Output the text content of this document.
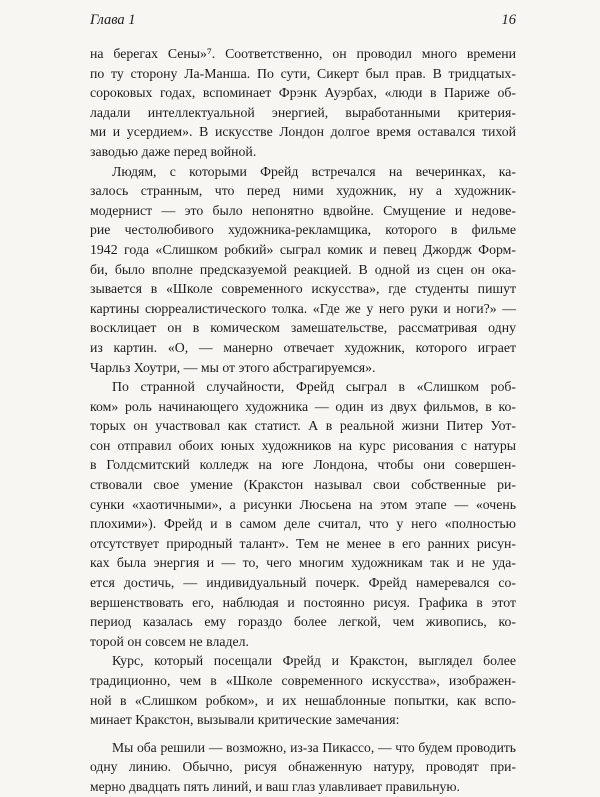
Глава 1	16
на берегах Сены»⁷. Соответственно, он проводил много времени
по ту сторону Ла-Манша. По сути, Сикерт был прав. В тридцатых-
сороковых годах, вспоминает Фрэнк Ауэрбах, «люди в Париже об-
ладали интеллектуальной энергией, выработанными критерия-
ми и усердием». В искусстве Лондон долгое время оставался тихой
заводью даже перед войной.
Людям, с которыми Фрейд встречался на вечеринках, ка-
залось странным, что перед ними художник, ну а художник-
модернист — это было непонятно вдвойне. Смущение и недове-
рие честолюбивого художника-рекламщика, которого в фильме
1942 года «Слишком робкий» сыграл комик и певец Джордж Форм-
би, было вполне предсказуемой реакцией. В одной из сцен он ока-
зывается в «Школе современного искусства», где студенты пишут
картины сюрреалистического толка. «Где же у него руки и ноги?» —
восклицает он в комическом замешательстве, рассматривая одну
из картин. «О, — манерно отвечает художник, которого играет
Чарльз Хоутри, — мы от этого абстрагируемся».
По странной случайности, Фрейд сыграл в «Слишком роб-
ком» роль начинающего художника — один из двух фильмов, в ко-
торых он участвовал как статист. А в реальной жизни Питер Уот-
сон отправил обоих юных художников на курс рисования с натуры
в Голдсмитский колледж на юге Лондона, чтобы они совершен-
ствовали свое умение (Кракстон называл свои собственные ри-
сунки «хаотичными», а рисунки Люсьена на этом этапе — «очень
плохими»). Фрейд и в самом деле считал, что у него «полностью
отсутствует природный талант». Тем не менее в его ранних рисун-
ках была энергия и — то, чего многим художникам так и не уда-
ется достичь, — индивидуальный почерк. Фрейд намеревался со-
вершенствовать его, наблюдая и постоянно рисуя. Графика в этот
период казалась ему гораздо более легкой, чем живопись, ко-
торой он совсем не владел.
Курс, который посещали Фрейд и Кракстон, выглядел более
традиционно, чем в «Школе современного искусства», изображен-
ной в «Слишком робком», и их нешаблонные попытки, как вспо-
минает Кракстон, вызывали критические замечания:
Мы оба решили — возможно, из-за Пикассо, — что будем проводить
одну линию. Обычно, рисуя обнаженную натуру, проводят при-
мерно двадцать пять линий, и ваш глаз улавливает правильную.
